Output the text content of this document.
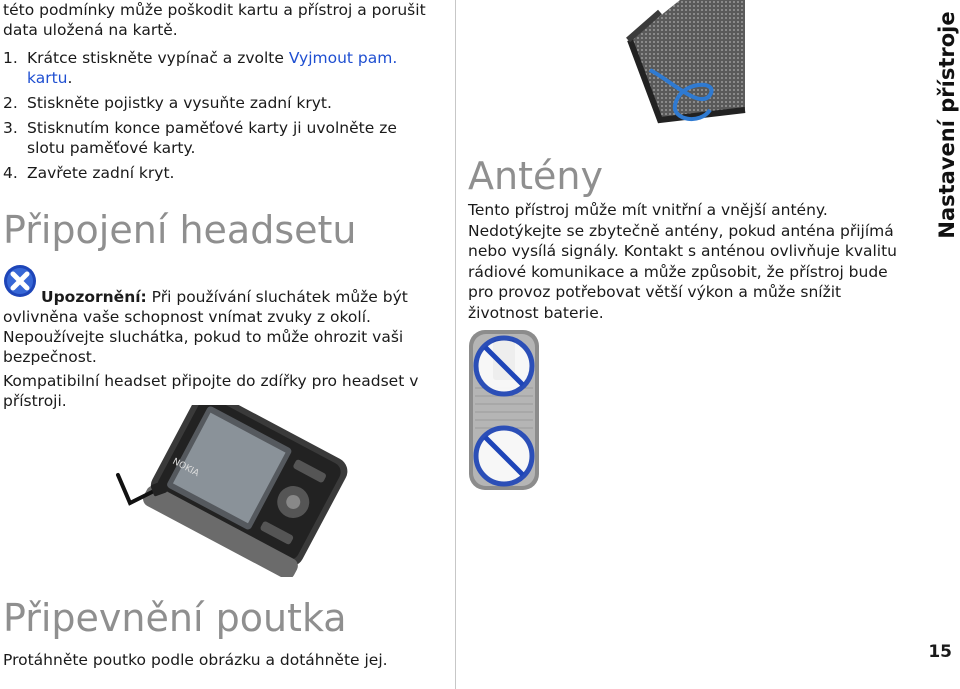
této podmínky může poškodit kartu a přístroj a porušit data uložená na kartě.
1. Krátce stiskněte vypínač a zvolte Vyjmout pam. kartu.
2. Stiskněte pojistky a vysuňte zadní kryt.
3. Stisknutím konce paměťové karty ji uvolněte ze slotu paměťové karty.
4. Zavřete zadní kryt.
Připojení headsetu
Upozornění: Při používání sluchátek může být ovlivněna vaše schopnost vnímat zvuky z okolí. Nepoužívejte sluchátka, pokud to může ohrozit vaši bezpečnost.
Kompatibilní headset připojte do zdířky pro headset v přístroji.
NOKIA
Připevnění poutka
Protáhněte poutko podle obrázku a dotáhněte jej.
Antény
Tento přístroj může mít vnitřní a vnější antény. Nedotýkejte se zbytečně antény, pokud anténa přijímá nebo vysílá signály. Kontakt s anténou ovlivňuje kvalitu rádiové komunikace a může způsobit, že přístroj bude pro provoz potřebovat větší výkon a může snížit životnost baterie.
Nastavení přístroje
15
